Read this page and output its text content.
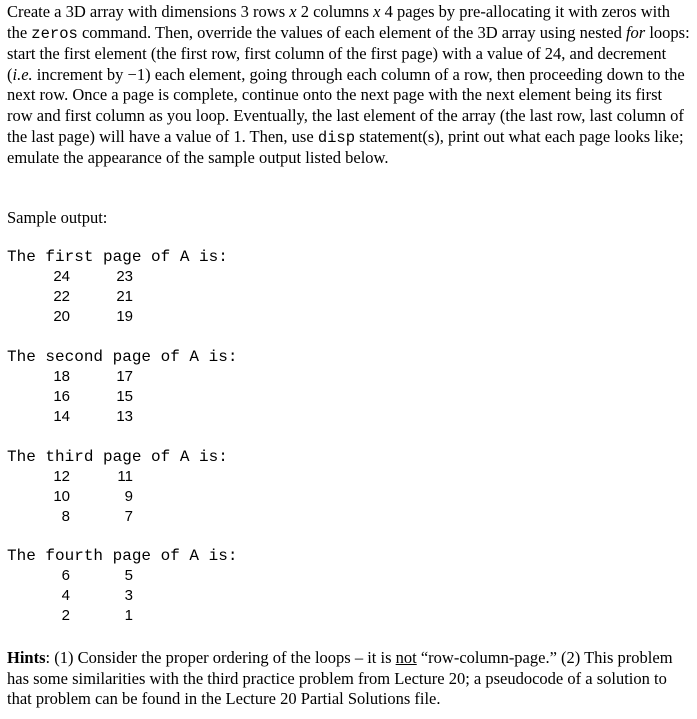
Create a 3D array with dimensions 3 rows x 2 columns x 4 pages by pre-allocating it with zeros with the zeros command. Then, override the values of each element of the 3D array using nested for loops: start the first element (the first row, first column of the first page) with a value of 24, and decrement (i.e. increment by −1) each element, going through each column of a row, then proceeding down to the next row. Once a page is complete, continue onto the next page with the next element being its first row and first column as you loop. Eventually, the last element of the array (the last row, last column of the last page) will have a value of 1. Then, use disp statement(s), print out what each page looks like; emulate the appearance of the sample output listed below.

Sample output:

The first page of A is:

24	23
22	21
20	19

The second page of A is:

18	17
16	15
14	13

The third page of A is:

12	11
10	9
8	7

The fourth page of A is:

6	5
4	3
2	1

Hints: (1) Consider the proper ordering of the loops – it is not “row-column-page.” (2) This problem has some similarities with the third practice problem from Lecture 20; a pseudocode of a solution to that problem can be found in the Lecture 20 Partial Solutions file.
